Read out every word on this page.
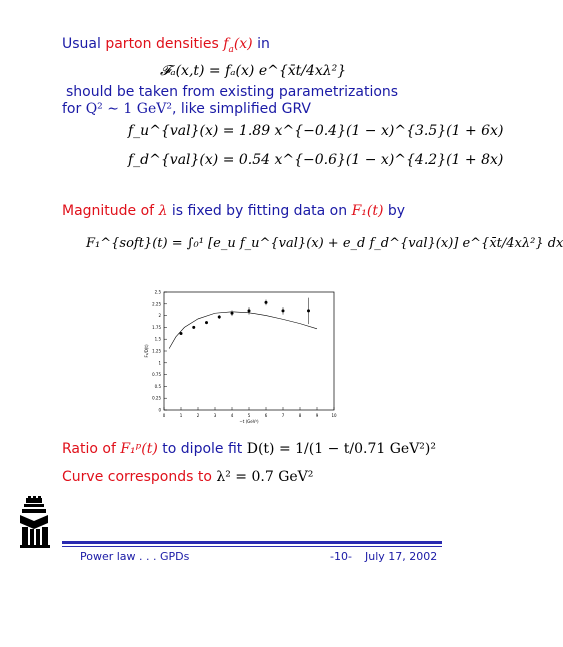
Usual parton densities $f_a(x)$ in
𝓕ₐ(x,t) = fₐ(x) e^{x̄t/4xλ²}
should be taken from existing parametrizations
for Q² ∼ 1 GeV², like simplified GRV
f_u^{val}(x) = 1.89 x^{−0.4}(1 − x)^{3.5}(1 + 6x)
f_d^{val}(x) = 0.54 x^{−0.6}(1 − x)^{4.2}(1 + 8x)
Magnitude of λ is fixed by fitting data on F₁(t) by
F₁^{soft}(t) = ∫₀¹ [e_u f_u^{val}(x) + e_d f_d^{val}(x)] e^{x̄t/4xλ²} dx
0	1	2	3	4	5	6	7	8	9	10
0
0.25
0.5
0.75
1
1.25
1.5
1.75
2
2.25
2.5
−t (GeV²)
F₁/D(t)
Ratio of F₁ᵖ(t) to dipole fit D(t) = 1/(1 − t/0.71 GeV²)²
Curve corresponds to λ² = 0.7 GeV²
Power law . . . GPDs	-10- July 17, 2002
